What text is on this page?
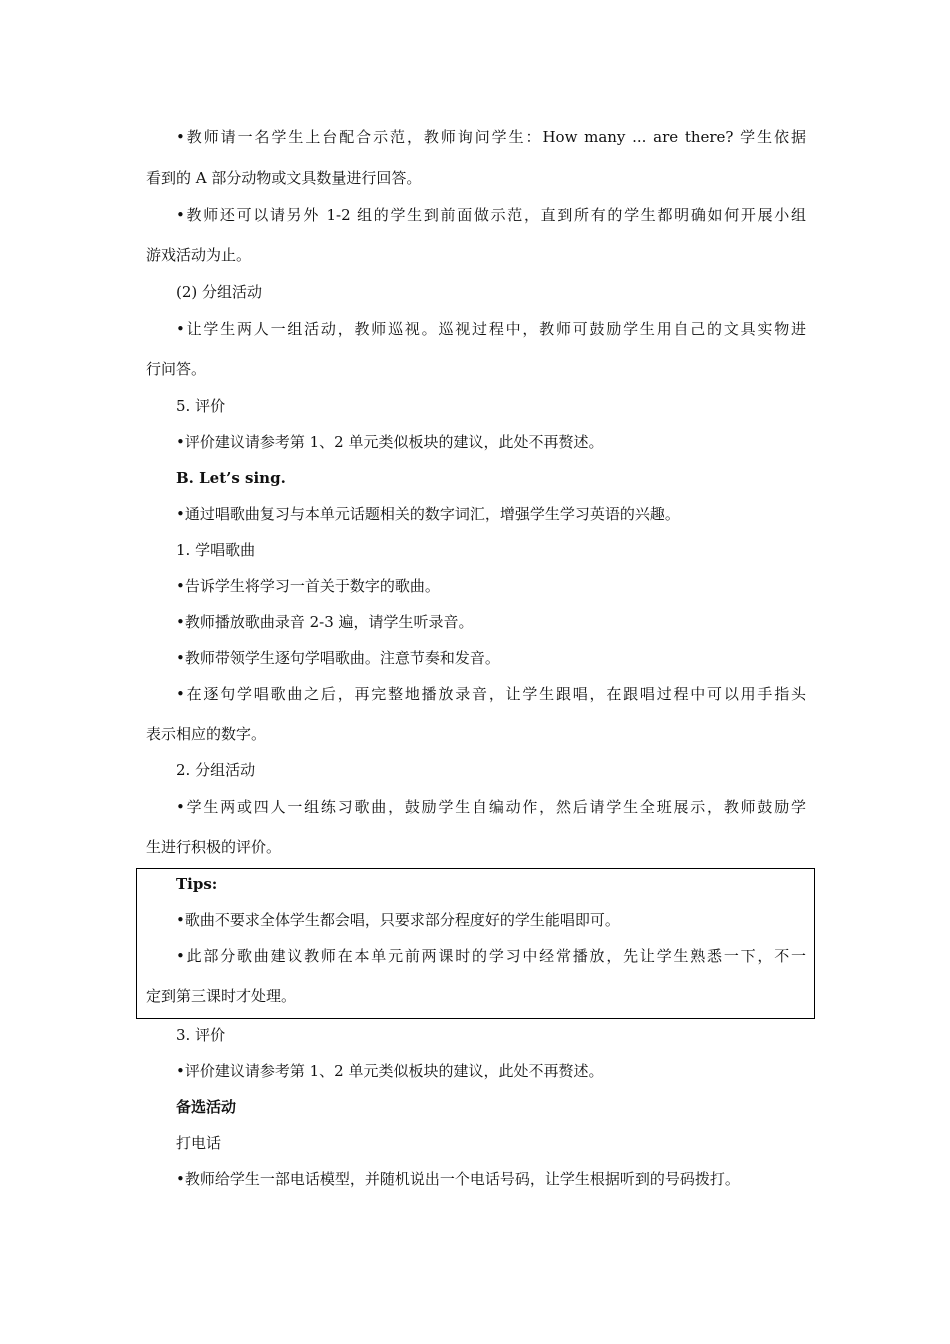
•教师请一名学生上台配合示范，教师询问学生：How many ... are there? 学生依据
看到的 A 部分动物或文具数量进行回答。
•教师还可以请另外 1-2 组的学生到前面做示范，直到所有的学生都明确如何开展小组
游戏活动为止。
(2) 分组活动
•让学生两人一组活动，教师巡视。巡视过程中，教师可鼓励学生用自己的文具实物进
行问答。
5. 评价
•评价建议请参考第 1、2 单元类似板块的建议，此处不再赘述。
B. Let’s sing.
•通过唱歌曲复习与本单元话题相关的数字词汇，增强学生学习英语的兴趣。
1. 学唱歌曲
•告诉学生将学习一首关于数字的歌曲。
•教师播放歌曲录音 2-3 遍，请学生听录音。
•教师带领学生逐句学唱歌曲。注意节奏和发音。
•在逐句学唱歌曲之后，再完整地播放录音，让学生跟唱，在跟唱过程中可以用手指头
表示相应的数字。
2. 分组活动
•学生两或四人一组练习歌曲，鼓励学生自编动作，然后请学生全班展示，教师鼓励学
生进行积极的评价。
Tips:
•歌曲不要求全体学生都会唱，只要求部分程度好的学生能唱即可。
•此部分歌曲建议教师在本单元前两课时的学习中经常播放，先让学生熟悉一下，不一
定到第三课时才处理。
3. 评价
•评价建议请参考第 1、2 单元类似板块的建议，此处不再赘述。
备选活动
打电话
•教师给学生一部电话模型，并随机说出一个电话号码，让学生根据听到的号码拨打。
